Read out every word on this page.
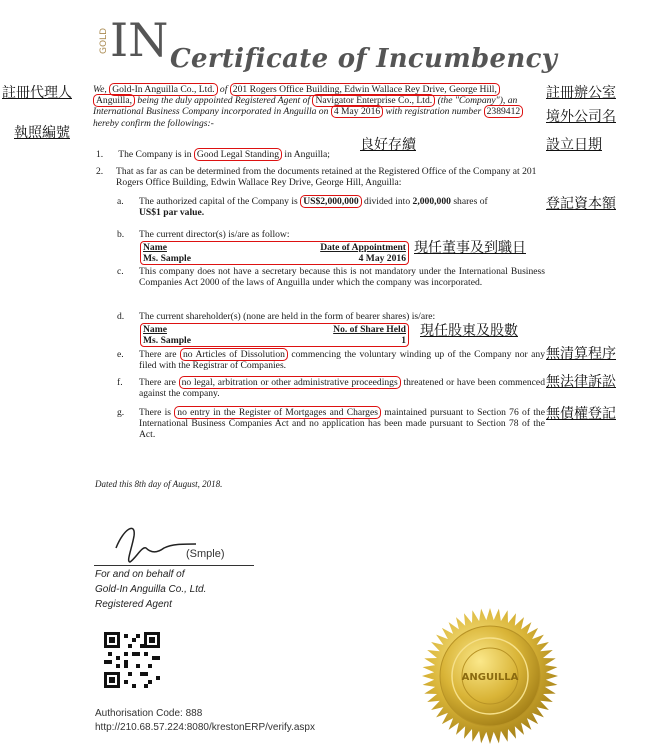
GOLD IN Certificate of Incumbency
註冊代理人
執照編號
註冊辦公室
境外公司名
設立日期
良好存續
登記資本額
現任董事及到職日
現任股東及股數
無清算程序
無法律訴訟
無債權登記
We, Gold-In Anguilla Co., Ltd. of 201 Rogers Office Building, Edwin Wallace Rey Drive, George Hill, Anguilla, being the duly appointed Registered Agent of Navigator Enterprise Co., Ltd. (the "Company"), an International Business Company incorporated in Anguilla on 4 May 2016 with registration number 2389412 hereby confirm the followings:-
1. The Company is in Good Legal Standing in Anguilla;
2.	That as far as can be determined from the documents retained at the Registered Office of the Company at 201 Rogers Office Building, Edwin Wallace Rey Drive, George Hill, Anguilla:
a.	The authorized capital of the Company is US$2,000,000 divided into 2,000,000 shares of
US$1 par value.
b.	The current director(s) is/are as follow:
Name	Date of Appointment
Ms. Sample	4 May 2016
c.	This company does not have a secretary because this is not mandatory under the International Business Companies Act 2000 of the laws of Anguilla under which the company was incorporated.
d.	The current shareholder(s) (none are held in the form of bearer shares) is/are:
Name	No. of Share Held
Ms. Sample	1
e.	There are no Articles of Dissolution commencing the voluntary winding up of the Company nor any filed with the Registrar of Companies.
f.	There are no legal, arbitration or other administrative proceedings threatened or have been commenced against the company.
g.	There is no entry in the Register of Mortgages and Charges maintained pursuant to Section 76 of the International Business Companies Act and no application has been made pursuant to Section 78 of the Act.
Dated this 8th day of August, 2018.
(Smple)
For and on behalf of
Gold-In Anguilla Co., Ltd.
Registered Agent
Authorisation Code: 888
http://210.68.57.224:8080/krestonERP/verify.aspx
ANGUILLA
